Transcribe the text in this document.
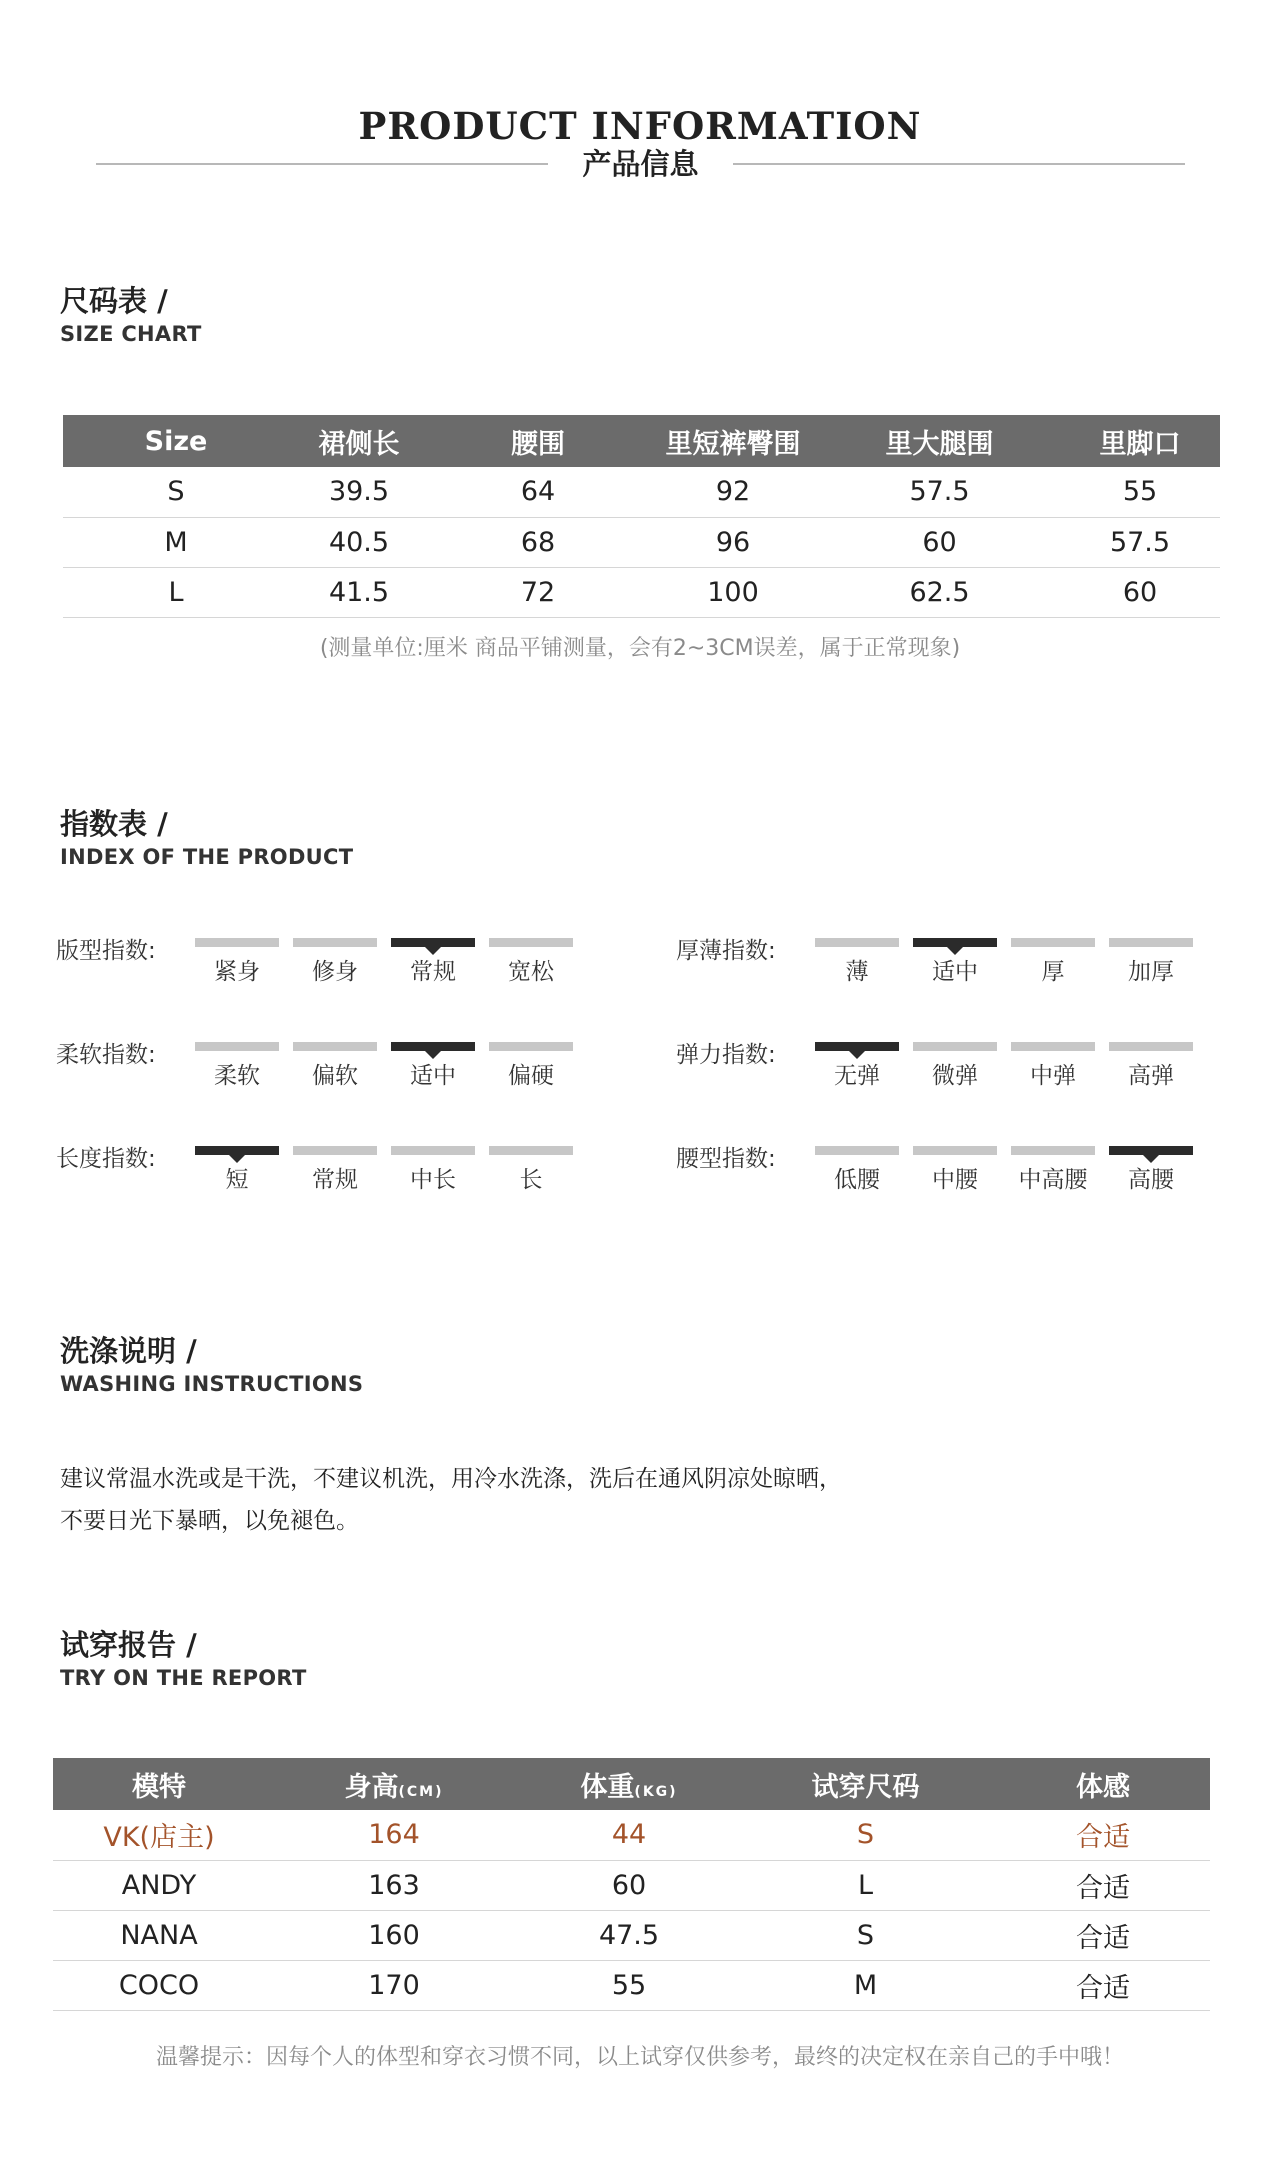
PRODUCT INFORMATION
产品信息
尺码表 /
SIZE CHART
Size	裙侧长	腰围	里短裤臀围	里大腿围	里脚口
S	39.5	64	92	57.5	55
M	40.5	68	96	60	57.5
L	41.5	72	100	62.5	60
(测量单位:厘米 商品平铺测量，会有2~3CM误差，属于正常现象)
指数表 /
INDEX OF THE PRODUCT
版型指数:
紧身	修身	常规	宽松
厚薄指数:
薄	适中	厚	加厚
柔软指数:
柔软	偏软	适中	偏硬
弹力指数:
无弹	微弹	中弹	高弹
长度指数:
短	常规	中长	长
腰型指数:
低腰	中腰	中高腰	高腰
洗涤说明 /
WASHING INSTRUCTIONS
建议常温水洗或是干洗，不建议机洗，用冷水洗涤，洗后在通风阴凉处晾晒，
不要日光下暴晒，以免褪色。
试穿报告 /
TRY ON THE REPORT
模特	身高(CM)	体重(KG)	试穿尺码	体感
VK(店主)	164	44	S	合适
ANDY	163	60	L	合适
NANA	160	47.5	S	合适
COCO	170	55	M	合适
温馨提示：因每个人的体型和穿衣习惯不同，以上试穿仅供参考，最终的决定权在亲自己的手中哦！
